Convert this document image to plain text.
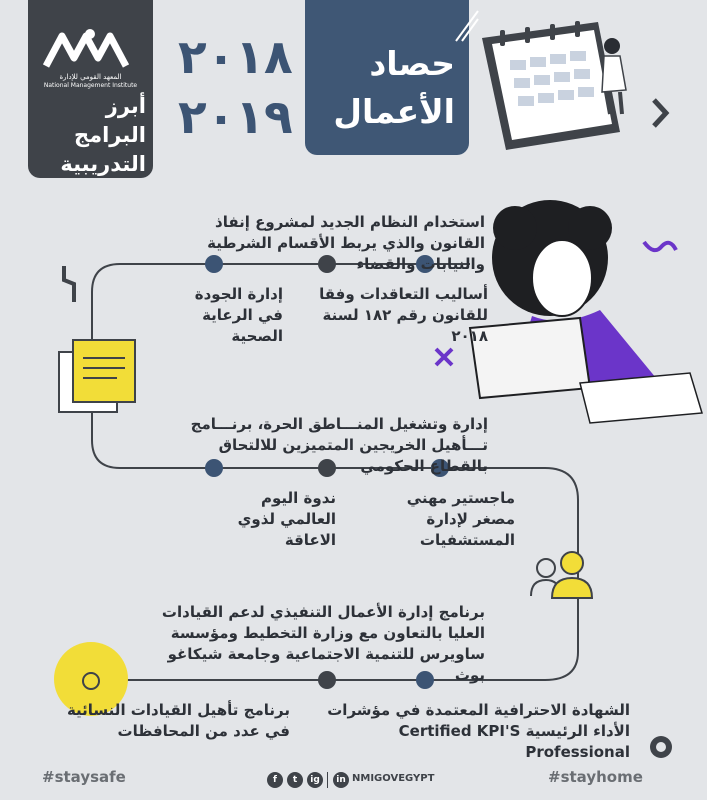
المعهد القومي للإدارة
National Management Institute
أبرز البرامج التدريبية
٢٠١٨
٢٠١٩
حصاد الأعمال
استخدام النظام الجديد لمشروع إنفاذ القانون والذي يربط الأقسام الشرطية والنيابات والقضاء
أساليب التعاقدات وفقا للقانون رقم ١٨٢ لسنة ٢٠١٨
إدارة الجودة في الرعاية الصحية
إدارة وتشغيل المنـــاطق الحرة، برنـــامج تـــأهيل الخريجين المتميزين للالتحاق بالقطاع الحكومي
ماجستير مهني مصغر لإدارة المستشفيات
ندوة اليوم العالمي لذوي الاعاقة
برنامج إدارة الأعمال التنفيذي لدعم القيادات العليا بالتعاون مع وزارة التخطيط ومؤسسة ساويرس للتنمية الاجتماعية وجامعة شيكاغو بوث
الشهادة الاحترافية المعتمدة في مؤشرات الأداء الرئيسية Certified KPI'S Professional
برنامج تأهيل القيادات النسائية في عدد من المحافظات
#staysafe	#stayhome
f	t	ig	in NMIGOVEGYPT
